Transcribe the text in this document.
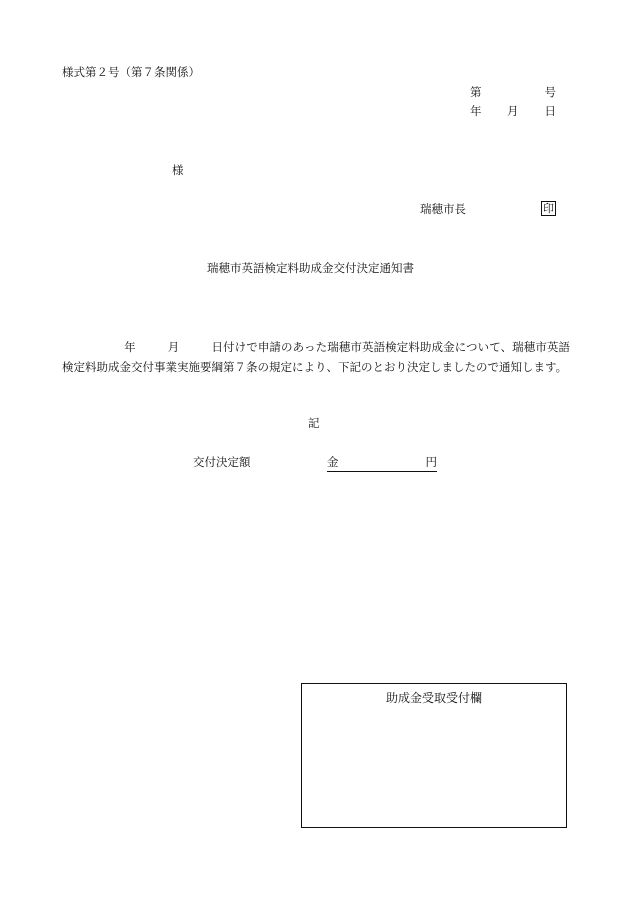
様式第２号（第７条関係）
第	号
年 月 日
様
瑞穂市長	印
瑞穂市英語検定料助成金交付決定通知書
年	月	日付けで申請のあった瑞穂市英語検定料助成金について、瑞穂市英語検定料助成金交付事業実施要綱第７条の規定により、下記のとおり決定しましたので通知します。
記
交付決定額	金	円
助成金受取受付欄
